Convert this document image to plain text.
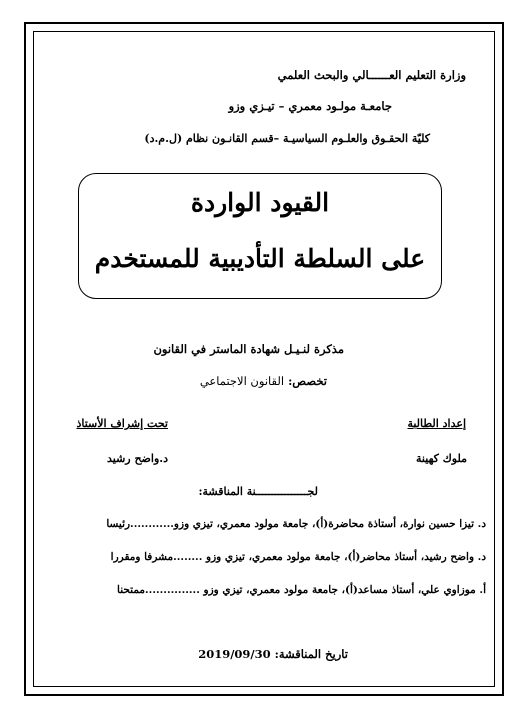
وزارة التعليم العــــــالي والبحث العلمي
جامعـة مولـود معمري – تيـزي وزو
كليّة الحقـوق والعلـوم السياسيـة –قسم القانـون نظام (ل.م.د)
القيود الواردة
على السلطة التأديبية للمستخدم
مذكرة لنـيـل شهادة الماستر في القانون
تخصص: القانون الاجتماعي
إعداد الطالبة
تحت إشراف الأستاذ
ملوك كهينة
د.واضح رشيد
لجــــــــــــــــنة المناقشة:
د. تيزا حسين نوارة، أستاذة محاضرة(أ)، جامعة مولود معمري، تيزي وزو............رئيسا
د. واضح رشيد، أستاذ محاضر(أ)، جامعة مولود معمري، تيزي وزو ........مشرفا ومقررا
أ. موزاوي علي، أستاذ مساعد(أ)، جامعة مولود معمري، تيزي وزو ...............ممتحنا
تاريخ المناقشة: 2019/09/30
